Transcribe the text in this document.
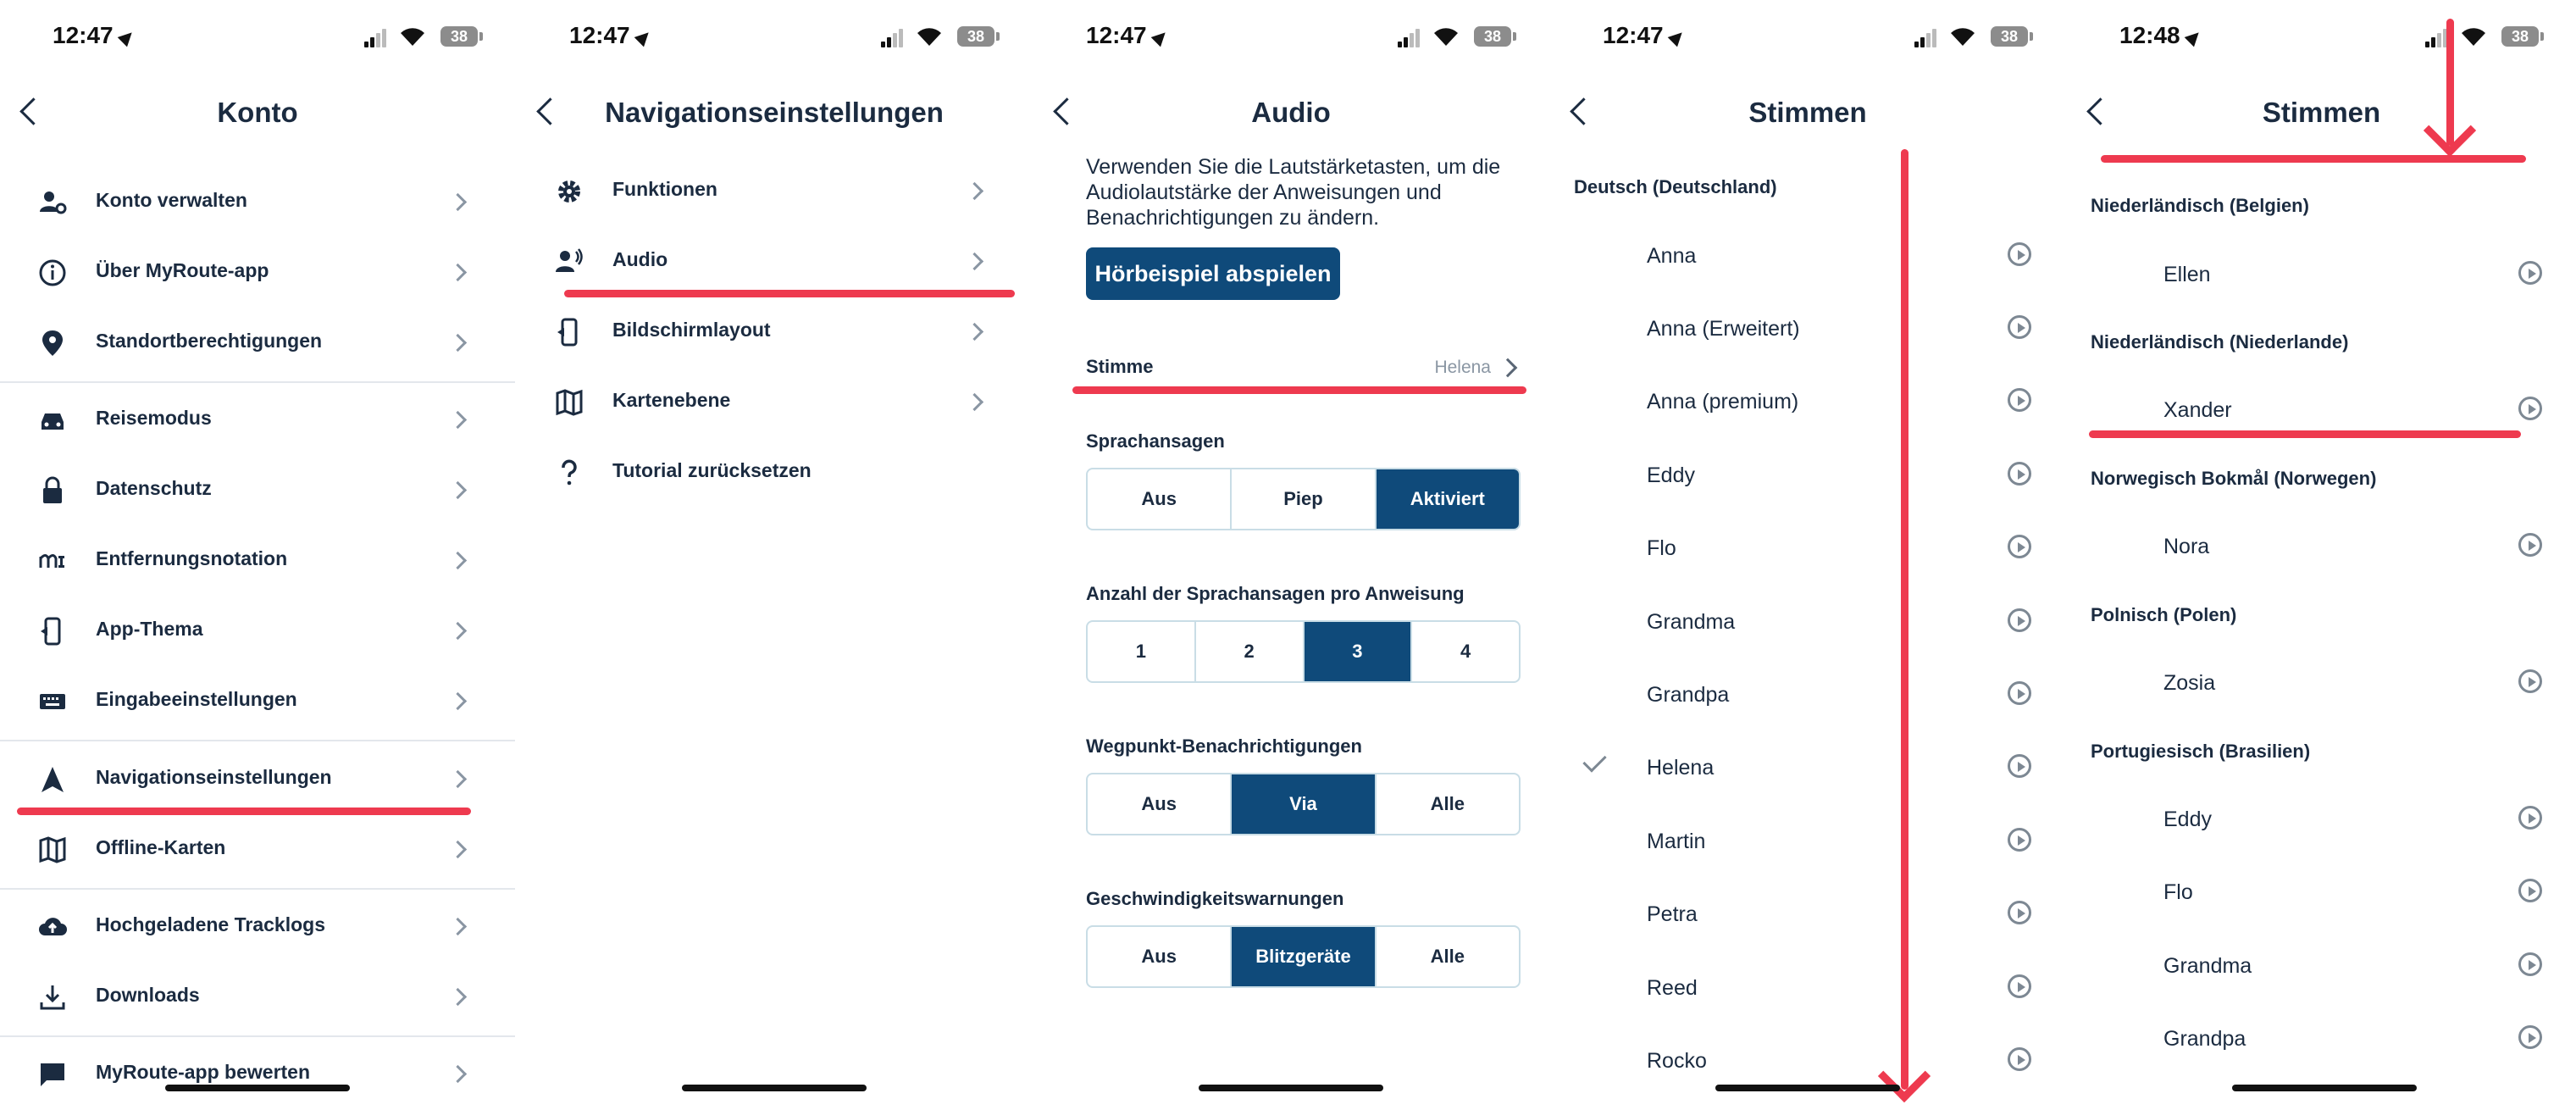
12:47	38
Konto
Konto verwalten
Über MyRoute-app
Standortberechtigungen
Reisemodus
Datenschutz
Entfernungsnotation
App-Thema
Eingabeeinstellungen
Navigationseinstellungen
Offline-Karten
Hochgeladene Tracklogs
Downloads
MyRoute-app bewerten
12:47	38
Navigationseinstellungen
Funktionen
Audio
Bildschirmlayout
Kartenebene
Tutorial zurücksetzen
12:47	38
Audio
Verwenden Sie die Lautstärketasten, um die Audiolautstärke der Anweisungen und Benachrichtigungen zu ändern.
Hörbeispiel abspielen
Stimme	Helena
Sprachansagen
Aus	Piep	Aktiviert
Anzahl der Sprachansagen pro Anweisung
1	2	3	4
Wegpunkt-Benachrichtigungen
Aus	Via	Alle
Geschwindigkeitswarnungen
Aus	Blitzgeräte	Alle
12:47	38
Stimmen
Deutsch (Deutschland)
Anna
Anna (Erweitert)
Anna (premium)
Eddy
Flo
Grandma
Grandpa
Helena
Martin
Petra
Reed
Rocko
12:48	38
Stimmen
Niederländisch (Belgien)
Ellen
Niederländisch (Niederlande)
Xander
Norwegisch Bokmål (Norwegen)
Nora
Polnisch (Polen)
Zosia
Portugiesisch (Brasilien)
Eddy
Flo
Grandma
Grandpa
